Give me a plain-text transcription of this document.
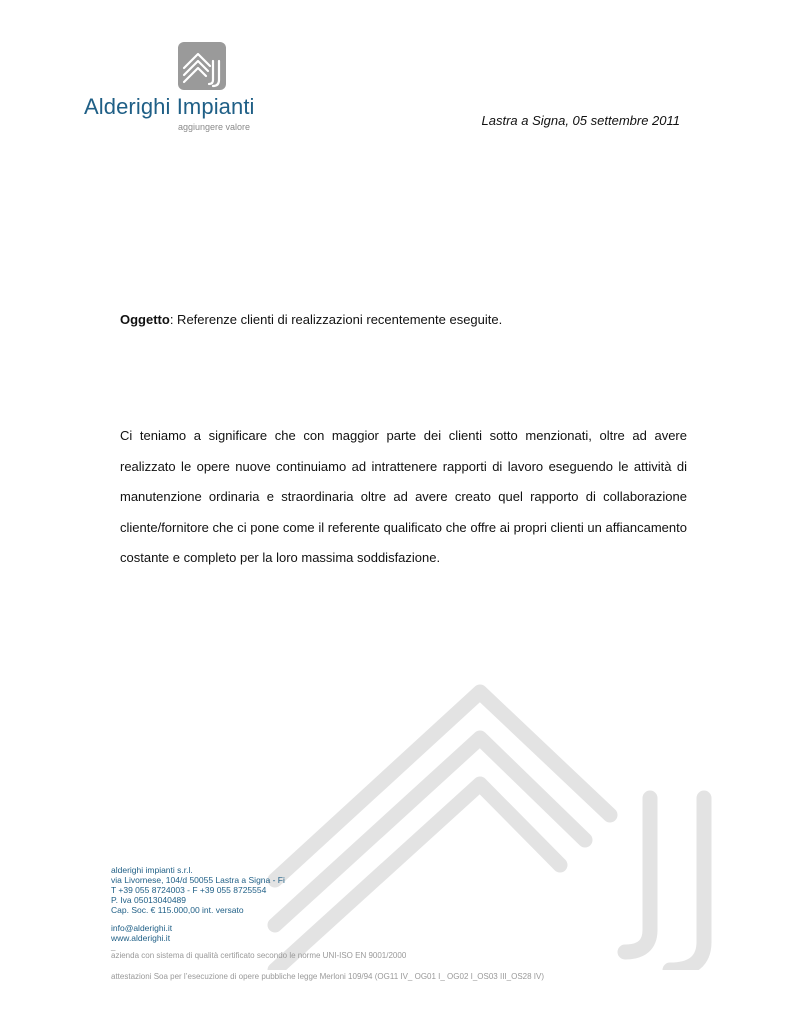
Alderighi Impianti
aggiungere valore	Lastra a Signa, 05 settembre 2011
Oggetto: Referenze clienti di realizzazioni recentemente eseguite.
Ci teniamo a significare che con maggior parte dei clienti sotto menzionati, oltre ad avere realizzato le opere nuove continuiamo ad intrattenere rapporti di lavoro eseguendo le attività di manutenzione ordinaria e straordinaria oltre ad avere creato quel rapporto di collaborazione cliente/fornitore che ci pone come il referente qualificato che offre ai propri clienti un affiancamento costante e completo per la loro massima soddisfazione.
alderighi impianti s.r.l.
via Livornese, 104/d 50055 Lastra a Signa - Fi
T +39 055 8724003 - F +39 055 8725554
P. Iva 05013040489
Cap. Soc. € 115.000,00 int. versato
info@alderighi.it
www.alderighi.it
_
azienda con sistema di qualità certificato secondo le norme UNI-ISO EN 9001/2000
attestazioni Soa per l’esecuzione di opere pubbliche legge Merloni 109/94 (OG11 IV_ OG01 I_ OG02 I_OS03 III_OS28 IV)
